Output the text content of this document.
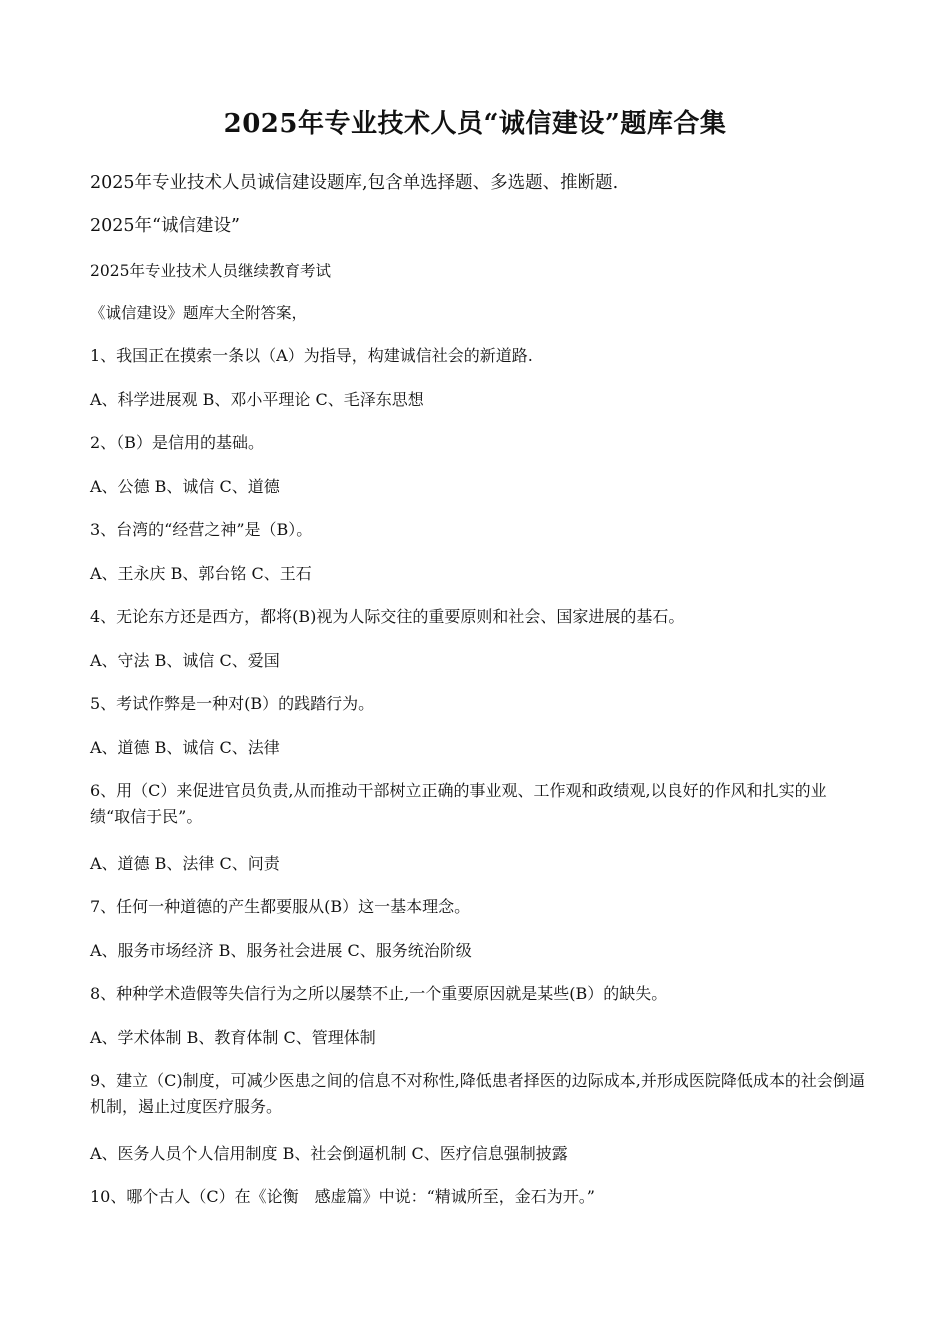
2025年专业技术人员“诚信建设”题库合集
2025年专业技术人员诚信建设题库,包含单选择题、多选题、推断题.
2025年“诚信建设”
2025年专业技术人员继续教育考试
《诚信建设》题库大全附答案，
1、我国正在摸索一条以（A）为指导，构建诚信社会的新道路.
A、科学进展观 B、邓小平理论 C、毛泽东思想
2、（B）是信用的基础。
A、公德 B、诚信 C、道德
3、台湾的“经营之神”是（B）。
A、王永庆 B、郭台铭 C、王石
4、无论东方还是西方，都将(B)视为人际交往的重要原则和社会、国家进展的基石。
A、守法 B、诚信 C、爱国
5、考试作弊是一种对(B）的践踏行为。
A、道德 B、诚信 C、法律
6、用（C）来促进官员负责,从而推动干部树立正确的事业观、工作观和政绩观,以良好的作风和扎实的业绩“取信于民”。
A、道德 B、法律 C、问责
7、任何一种道德的产生都要服从(B）这一基本理念。
A、服务市场经济 B、服务社会进展 C、服务统治阶级
8、种种学术造假等失信行为之所以屡禁不止,一个重要原因就是某些(B）的缺失。
A、学术体制 B、教育体制 C、管理体制
9、建立（C)制度，可减少医患之间的信息不对称性,降低患者择医的边际成本,并形成医院降低成本的社会倒逼机制，遏止过度医疗服务。
A、医务人员个人信用制度 B、社会倒逼机制 C、医疗信息强制披露
10、哪个古人（C）在《论衡　感虚篇》中说：“精诚所至，金石为开。”
